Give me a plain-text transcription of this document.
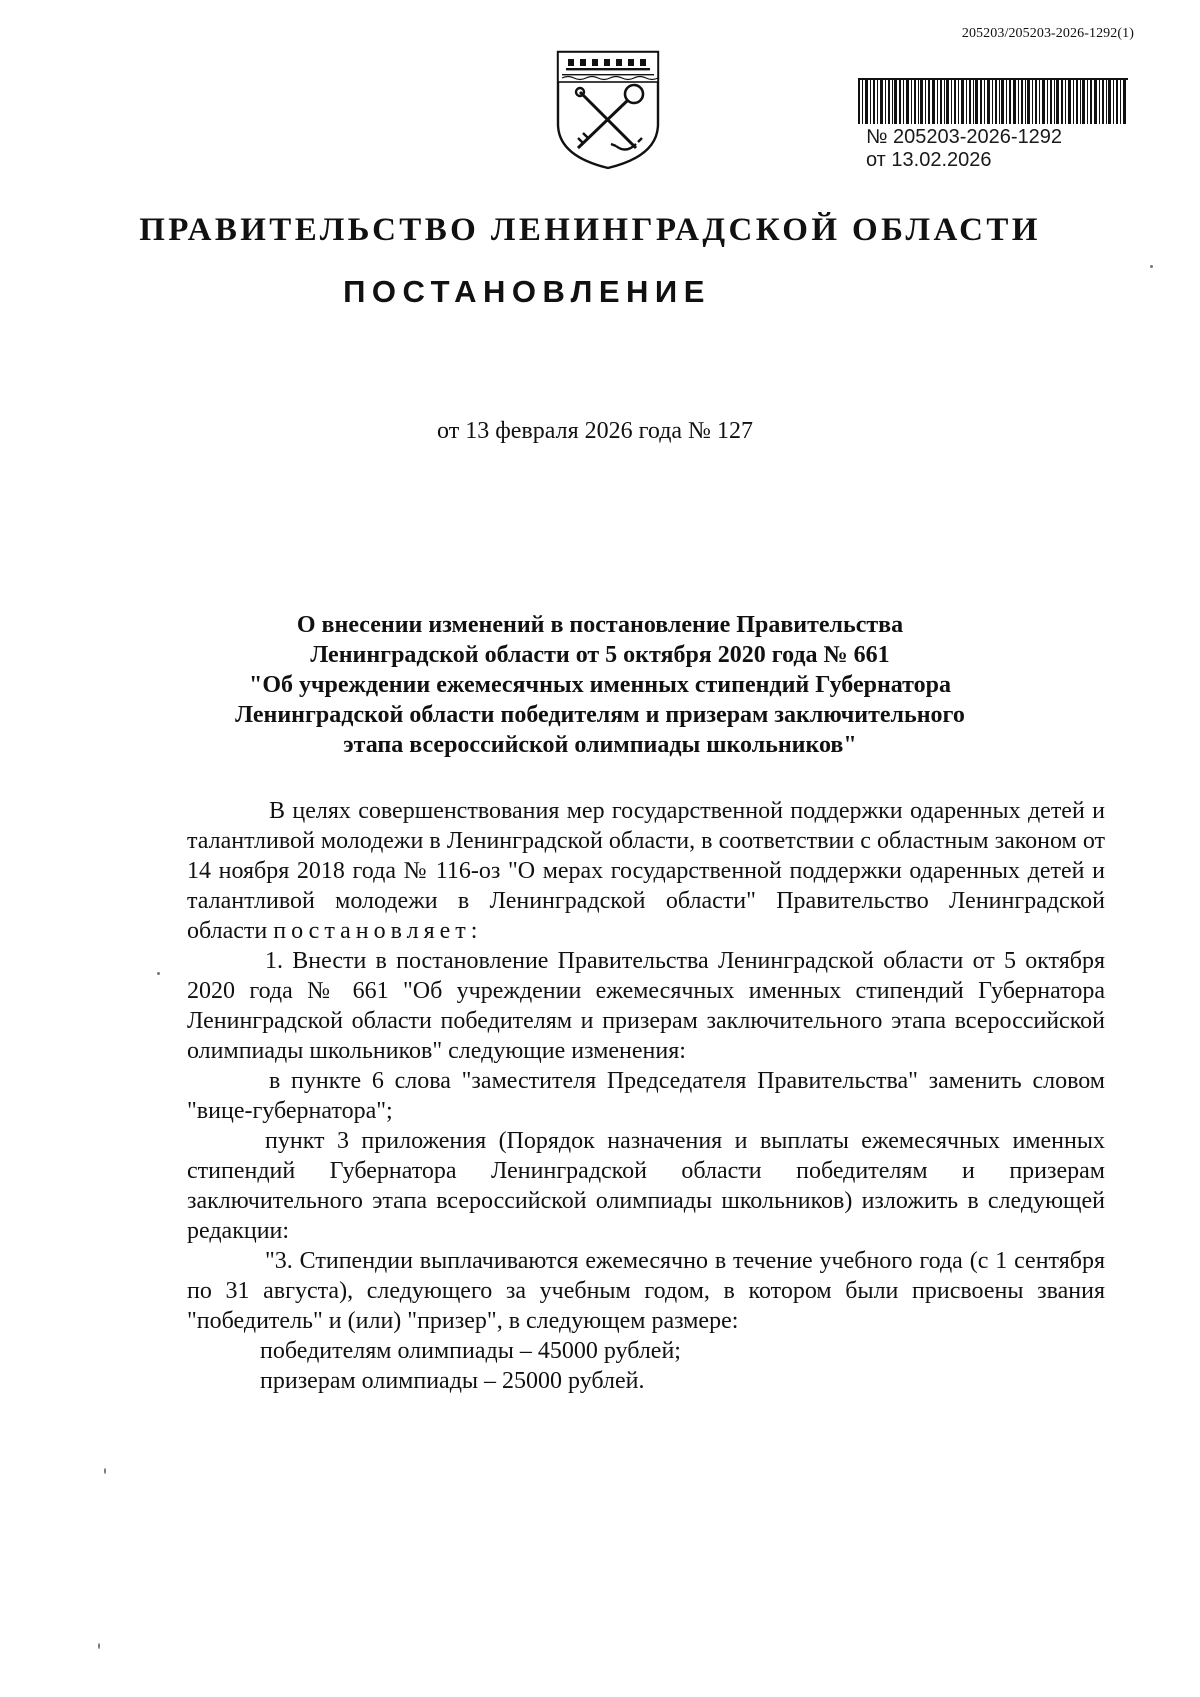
205203/205203-2026-1292(1)
№ 205203-2026-1292
от 13.02.2026
ПРАВИТЕЛЬСТВО ЛЕНИНГРАДСКОЙ ОБЛАСТИ
ПОСТАНОВЛЕНИЕ
от 13 февраля 2026 года № 127
О внесении изменений в постановление Правительства
Ленинградской области от 5 октября 2020 года № 661
"Об учреждении ежемесячных именных стипендий Губернатора
Ленинградской области победителям и призерам заключительного
этапа всероссийской олимпиады школьников"

В целях совершенствования мер государственной поддержки одаренных детей и талантливой молодежи в Ленинградской области, в соответствии с областным законом от 14 ноября 2018 года № 116-оз "О мерах государственной поддержки одаренных детей и талантливой молодежи в Ленинградской области" Правительство Ленинградской области постановляет:

1. Внести в постановление Правительства Ленинградской области от 5 октября 2020 года № 661 "Об учреждении ежемесячных именных стипендий Губернатора Ленинградской области победителям и призерам заключительного этапа всероссийской олимпиады школьников" следующие изменения:

в пункте 6 слова "заместителя Председателя Правительства" заменить словом "вице-губернатора";

пункт 3 приложения (Порядок назначения и выплаты ежемесячных именных стипендий Губернатора Ленинградской области победителям и призерам заключительного этапа всероссийской олимпиады школьников) изложить в следующей редакции:

"3. Стипендии выплачиваются ежемесячно в течение учебного года (с 1 сентября по 31 августа), следующего за учебным годом, в котором были присвоены звания "победитель" и (или) "призер", в следующем размере:

победителям олимпиады – 45000 рублей;

призерам олимпиады – 25000 рублей.
